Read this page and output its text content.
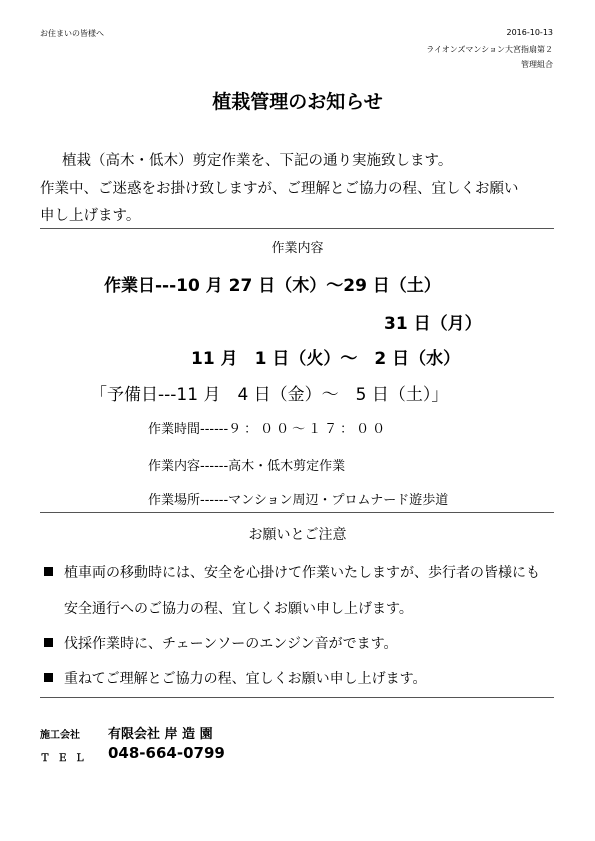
お住まいの皆様へ	2016-10-13
ライオンズマンション大宮指扇第２
管理組合
植栽管理のお知らせ
植栽（高木・低木）剪定作業を、下記の通り実施致します。
作業中、ご迷惑をお掛け致しますが、ご理解とご協力の程、宜しくお願い
申し上げます。
作業内容
作業日---10 月 27 日（木）～29 日（土）
31 日（月）
11 月　1 日（火）～　2 日（水）
「予備日---11 月　4 日（金）～　5 日（土）」
作業時間------９：００～１７：００
作業内容------高木・低木剪定作業
作業場所------マンション周辺・プロムナード遊歩道
お願いとご注意
植車両の移動時には、安全を心掛けて作業いたしますが、歩行者の皆様にも
安全通行へのご協力の程、宜しくお願い申し上げます。
伐採作業時に、チェーンソーのエンジン音がでます。
重ねてご理解とご協力の程、宜しくお願い申し上げます。
施工会社 有限会社 岸 造 園
Ｔ Ｅ Ｌ 048-664-0799
